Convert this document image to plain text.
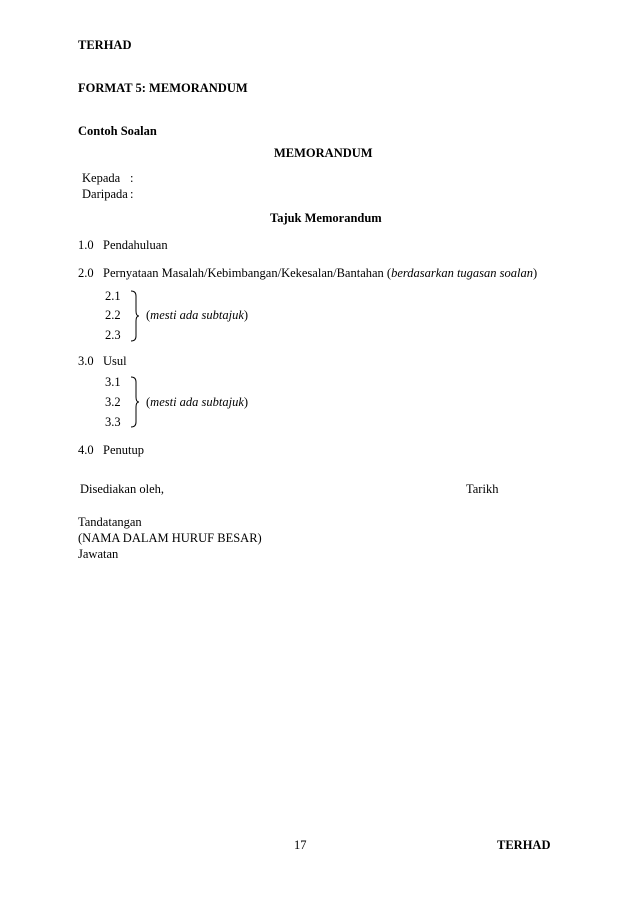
TERHAD
FORMAT 5: MEMORANDUM
Contoh Soalan
MEMORANDUM
Kepada :
Daripada :
Tajuk Memorandum
1.0 Pendahuluan
2.0 Pernyataan Masalah/Kebimbangan/Kekesalan/Bantahan (berdasarkan tugasan soalan)
2.1
2.2
2.3
(mesti ada subtajuk)
3.0 Usul
3.1
3.2
3.3
(mesti ada subtajuk)
4.0 Penutup
Disediakan oleh,	Tarikh
Tandatangan
(NAMA DALAM HURUF BESAR)
Jawatan
17	TERHAD
